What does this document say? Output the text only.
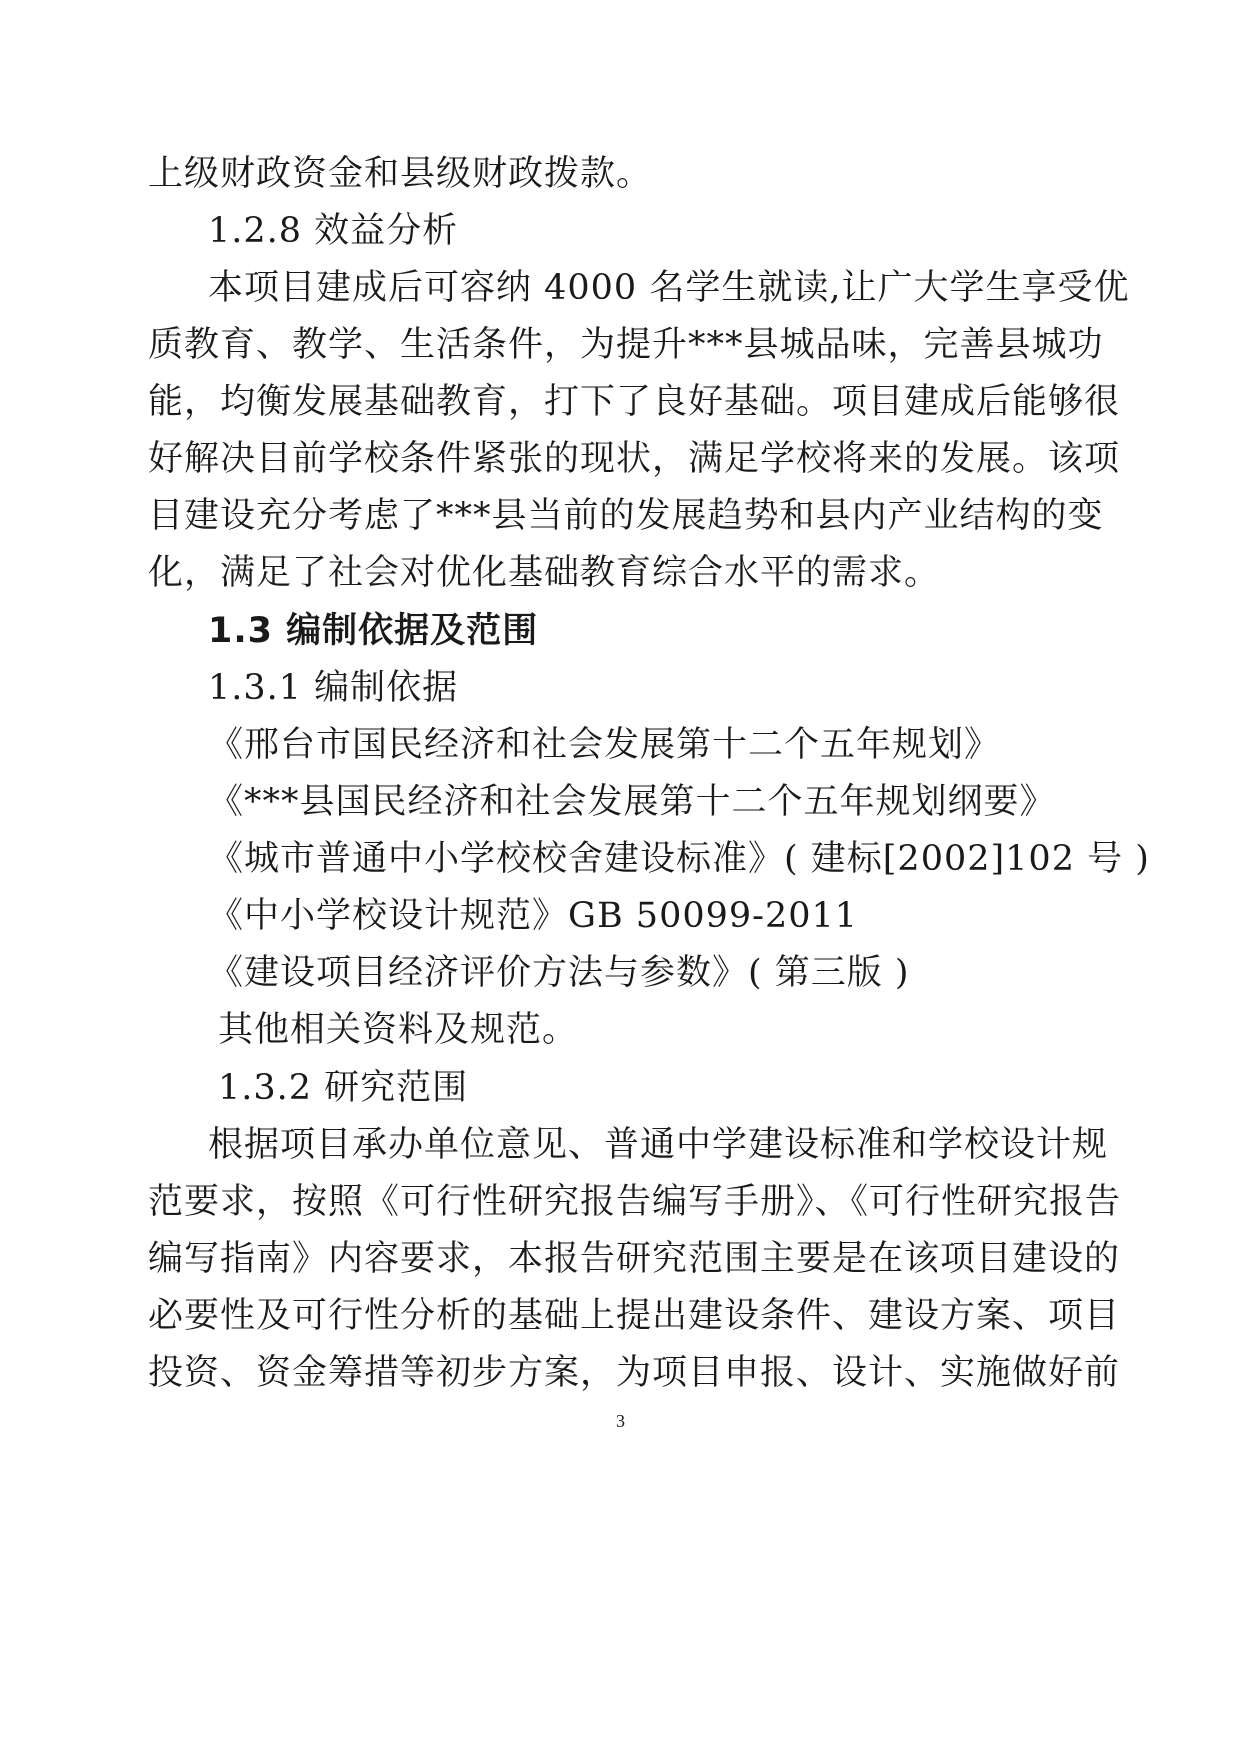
上级财政资金和县级财政拨款。
1.2.8 效益分析
本项目建成后可容纳 4000 名学生就读,让广大学生享受优
质教育、教学、生活条件，为提升***县城品味，完善县城功
能，均衡发展基础教育，打下了良好基础。项目建成后能够很
好解决目前学校条件紧张的现状，满足学校将来的发展。该项
目建设充分考虑了***县当前的发展趋势和县内产业结构的变
化，满足了社会对优化基础教育综合水平的需求。
1.3 编制依据及范围
1.3.1 编制依据
《邢台市国民经济和社会发展第十二个五年规划》
《***县国民经济和社会发展第十二个五年规划纲要》
《城市普通中小学校校舍建设标准》( 建标[2002]102 号 )
《中小学校设计规范》GB 50099-2011
《建设项目经济评价方法与参数》( 第三版 )
其他相关资料及规范。
1.3.2 研究范围
根据项目承办单位意见、普通中学建设标准和学校设计规
范要求，按照《可行性研究报告编写手册》、《可行性研究报告
编写指南》内容要求，本报告研究范围主要是在该项目建设的
必要性及可行性分析的基础上提出建设条件、建设方案、项目
投资、资金筹措等初步方案，为项目申报、设计、实施做好前
3
